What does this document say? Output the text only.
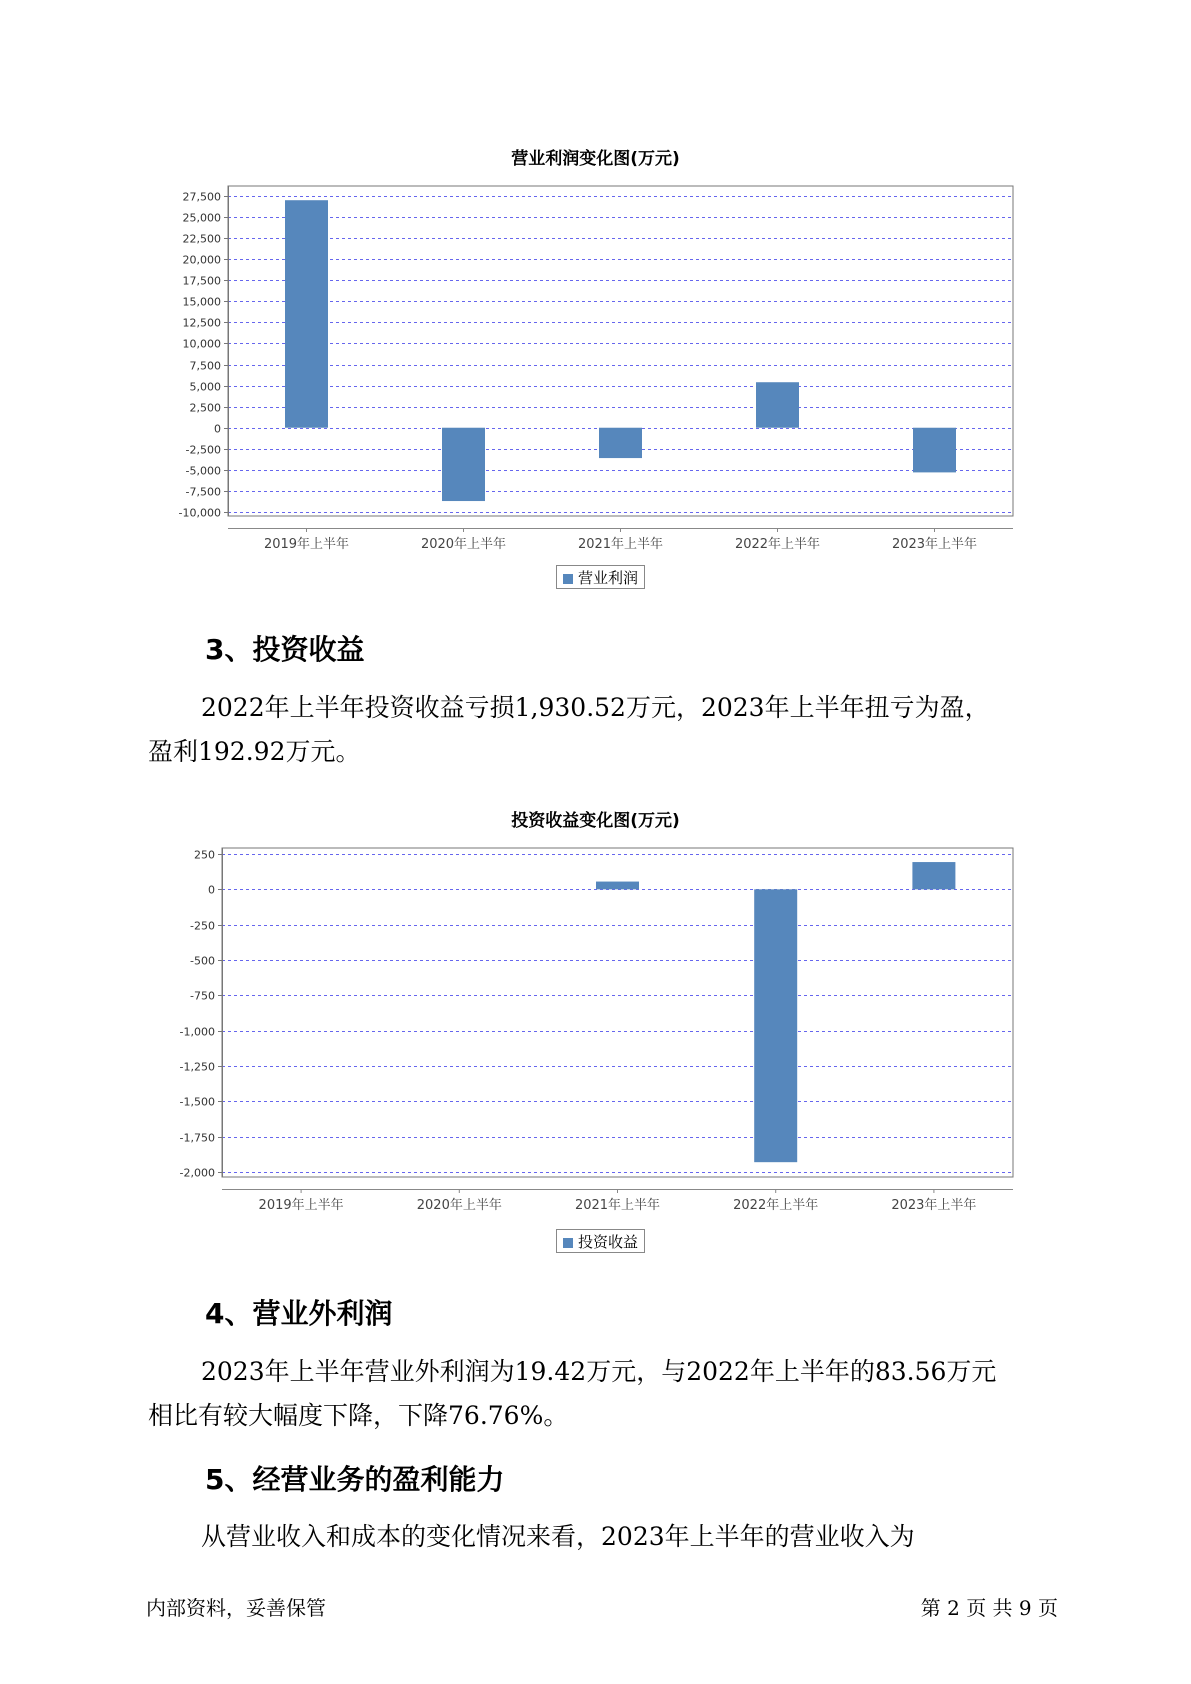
营业利润变化图(万元)
27,500
25,000
22,500
20,000
17,500
15,000
12,500
10,000
7,500
5,000
2,500
0
-2,500
-5,000
-7,500
-10,000
2019年上半年	2020年上半年	2021年上半年	2022年上半年	2023年上半年
营业利润
3、投资收益
2022年上半年投资收益亏损1,930.52万元，2023年上半年扭亏为盈，
盈利192.92万元。
投资收益变化图(万元)
250
0
-250
-500
-750
-1,000
-1,250
-1,500
-1,750
-2,000
2019年上半年	2020年上半年	2021年上半年	2022年上半年	2023年上半年
投资收益
4、营业外利润
2023年上半年营业外利润为19.42万元，与2022年上半年的83.56万元
相比有较大幅度下降，下降76.76%。
5、经营业务的盈利能力
从营业收入和成本的变化情况来看，2023年上半年的营业收入为
内部资料，妥善保管	第 2 页 共 9 页
